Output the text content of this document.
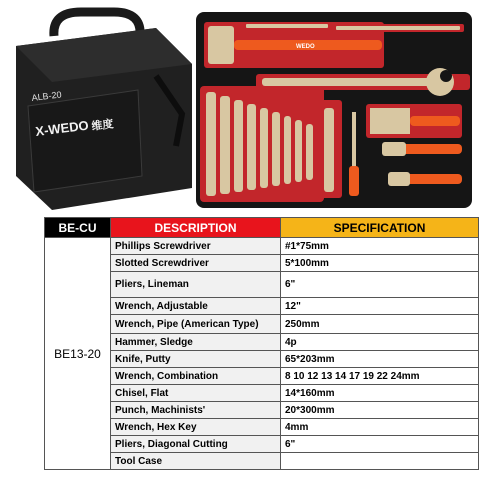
ALB-20
X-WEDO 维度
WEDO
BE-CU	DESCRIPTION	SPECIFICATION
BE13-20	Phillips Screwdriver	#1*75mm
	Slotted Screwdriver	5*100mm
	Pliers, Lineman	6"
	Wrench, Adjustable	12"
	Wrench, Pipe (American Type)	250mm
	Hammer, Sledge	4p
	Knife, Putty	65*203mm
	Wrench, Combination	8 10 12 13 14 17 19 22 24mm
	Chisel, Flat	14*160mm
	Punch, Machinists'	20*300mm
	Wrench, Hex Key	4mm
	Pliers, Diagonal Cutting	6"
	Tool Case	
